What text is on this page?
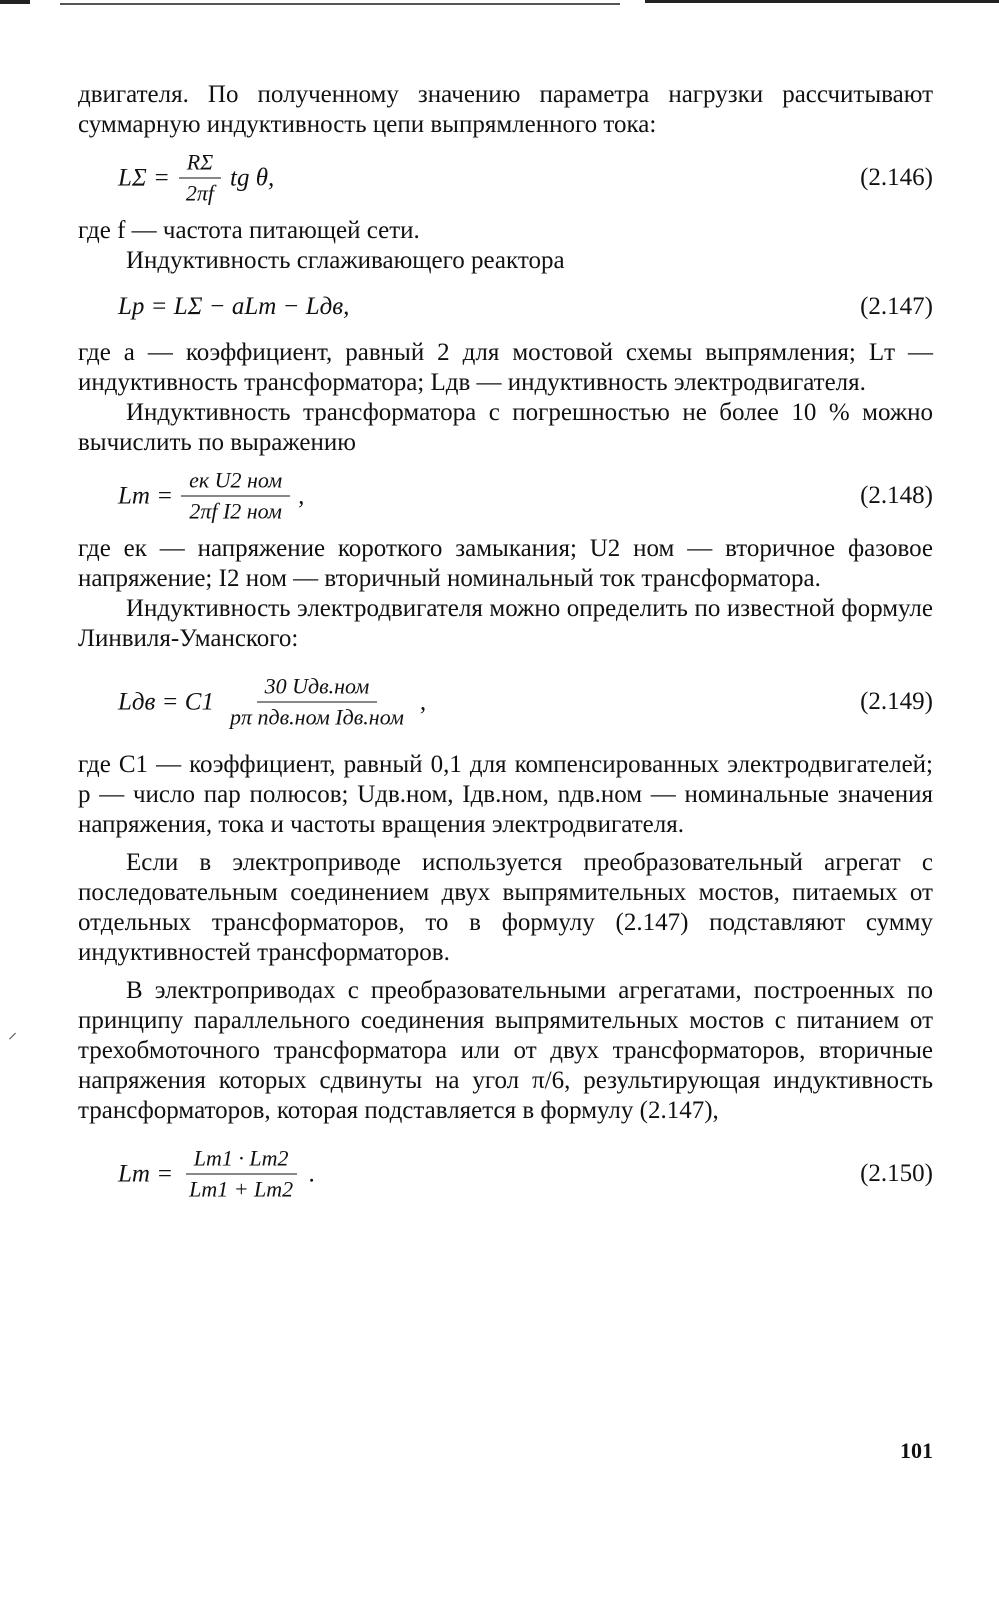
двигателя. По полученному значению параметра нагрузки рассчитывают суммарную индуктивность цепи выпрямленного тока:

$L\Sigma = \frac{R\Sigma}{2\pi f}$ tg θ,	(2.146)

где f — частота питающей сети.

Индуктивность сглаживающего реактора

Lр = LΣ − aLт − Lдв,	(2.147)

где a — коэффициент, равный 2 для мостовой схемы выпрямления; Lт — индуктивность трансформатора; Lдв — индуктивность электродвигателя.

Индуктивность трансформатора с погрешностью не более 10 % можно вычислить по выражению

Lт = $\frac{\text{eк U2 ном}}{\text{2πf I2 ном}}$ ,	(2.148)

где eк — напряжение короткого замыкания; U2 ном — вторичное фазовое напряжение; I2 ном — вторичный номинальный ток трансформатора.

Индуктивность электродвигателя можно определить по известной формуле Линвиля-Уманского:

Lдв = $C1 \frac{\text{30 Uдв.ном}}{\text{pπ nдв.ном Iдв.ном}}$ ,	(2.149)

где C1 — коэффициент, равный 0,1 для компенсированных электродвигателей; p — число пар полюсов; Uдв.ном, Iдв.ном, nдв.ном — номинальные значения напряжения, тока и частоты вращения электродвигателя.

Если в электроприводе используется преобразовательный агрегат с последовательным соединением двух выпрямительных мостов, питаемых от отдельных трансформаторов, то в формулу (2.147) подставляют сумму индуктивностей трансформаторов.

В электроприводах с преобразовательными агрегатами, построенных по принципу параллельного соединения выпрямительных мостов с питанием от трехобмоточного трансформатора или от двух трансформаторов, вторичные напряжения которых сдвинуты на угол π/6, результирующая индуктивность трансформаторов, которая подставляется в формулу (2.147),

Lт = $\frac{Lт1 \cdot Lт2}{Lт1 + Lт2}$ .	(2.150)
⸝
101
